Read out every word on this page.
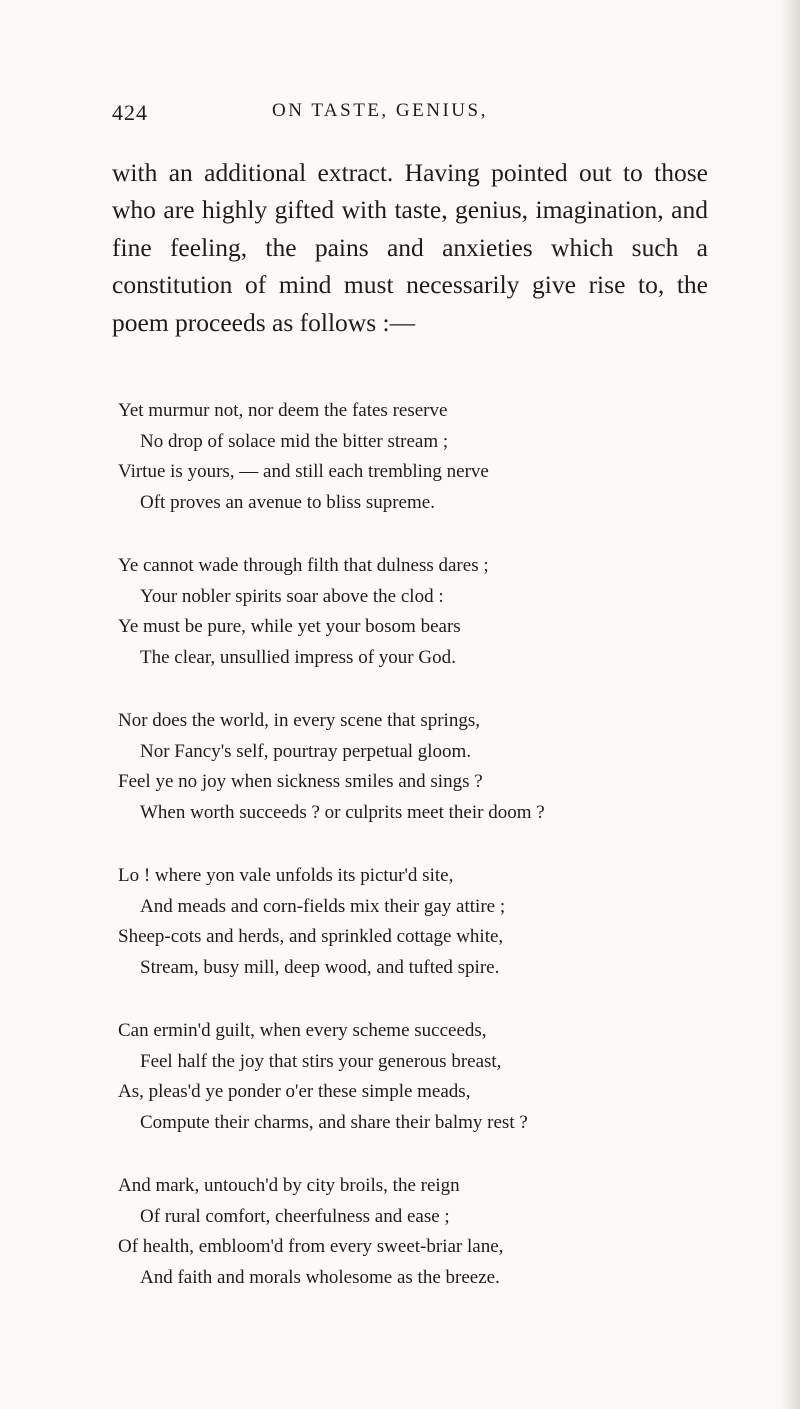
424	ON TASTE, GENIUS,

with an additional extract. Having pointed out to those who are highly gifted with taste, genius, imagination, and fine feeling, the pains and anxieties which such a constitution of mind must necessarily give rise to, the poem proceeds as follows :—

Yet murmur not, nor deem the fates reserve
No drop of solace mid the bitter stream ;
Virtue is yours, — and still each trembling nerve
Oft proves an avenue to bliss supreme.
Ye cannot wade through filth that dulness dares ;
Your nobler spirits soar above the clod :
Ye must be pure, while yet your bosom bears
The clear, unsullied impress of your God.
Nor does the world, in every scene that springs,
Nor Fancy's self, pourtray perpetual gloom.
Feel ye no joy when sickness smiles and sings ?
When worth succeeds ? or culprits meet their doom ?
Lo ! where yon vale unfolds its pictur'd site,
And meads and corn-fields mix their gay attire ;
Sheep-cots and herds, and sprinkled cottage white,
Stream, busy mill, deep wood, and tufted spire.
Can ermin'd guilt, when every scheme succeeds,
Feel half the joy that stirs your generous breast,
As, pleas'd ye ponder o'er these simple meads,
Compute their charms, and share their balmy rest ?
And mark, untouch'd by city broils, the reign
Of rural comfort, cheerfulness and ease ;
Of health, embloom'd from every sweet-briar lane,
And faith and morals wholesome as the breeze.
